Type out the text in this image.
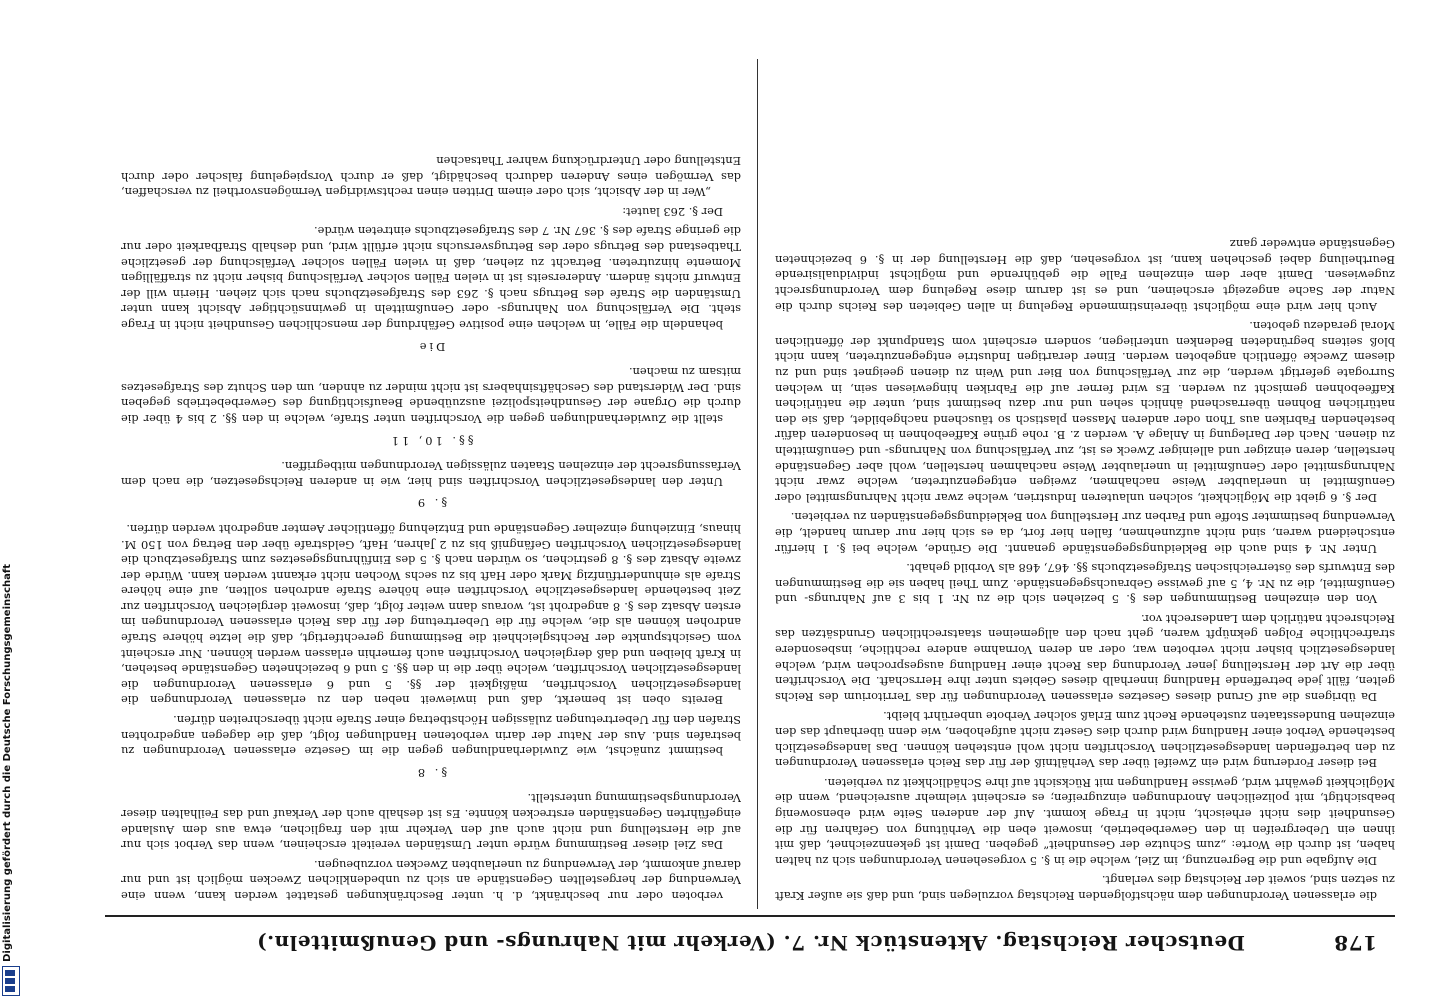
178
Deutscher Reichstag. Aktenstück Nr. 7. (Verkehr mit Nahrungs- und Genußmitteln.)

die erlassenen Verordnungen dem nächstfolgenden Reichstag vorzulegen sind, und daß sie außer Kraft zu setzen sind, soweit der Reichstag dies verlangt.

Die Aufgabe und die Begrenzung, im Ziel, welche die in §. 5 vorgesehenen Verordnungen sich zu halten haben, ist durch die Worte: „zum Schutze der Gesundheit“ gegeben. Damit ist gekennzeichnet, daß mit ihnen ein Uebergreifen in den Gewerbebetrieb, insoweit eben die Verhütung von Gefahren für die Gesundheit dies nicht erheischt, nicht in Frage kommt. Auf der anderen Seite wird ebensowenig beabsichtigt, mit polizeilichen Anordnungen einzugreifen; es erscheint vielmehr ausreichend, wenn die Möglichkeit gewährt wird, gewisse Handlungen mit Rücksicht auf ihre Schädlichkeit zu verbieten.

Bei dieser Forderung wird ein Zweifel über das Verhältniß der für das Reich erlassenen Verordnungen zu den betreffenden landesgesetzlichen Vorschriften nicht wohl entstehen können. Das landesgesetzlich bestehende Verbot einer Handlung wird durch dies Gesetz nicht aufgehoben, wie denn überhaupt das den einzelnen Bundesstaaten zustehende Recht zum Erlaß solcher Verbote unberührt bleibt.

Da übrigens die auf Grund dieses Gesetzes erlassenen Verordnungen für das Territorium des Reichs gelten, fällt jede betreffende Handlung innerhalb dieses Gebiets unter ihre Herrschaft. Die Vorschriften über die Art der Herstellung jener Verordnung das Recht einer Handlung ausgesprochen wird, welche landesgesetzlich bisher nicht verboten war, oder an deren Vornahme andere rechtliche, insbesondere strafrechtliche Folgen geknüpft waren, geht nach den allgemeinen staatsrechtlichen Grundsätzen das Reichsrecht natürlich dem Landesrecht vor.

Von den einzelnen Bestimmungen des §. 5 beziehen sich die zu Nr. 1 bis 3 auf Nahrungs- und Genußmittel, die zu Nr. 4, 5 auf gewisse Gebrauchsgegenstände. Zum Theil haben sie die Bestimmungen des Entwurfs des österreichischen Strafgesetzbuchs §§. 467, 468 als Vorbild gehabt.

Unter Nr. 4 sind auch die Bekleidungsgegenstände genannt. Die Gründe, welche bei §. 1 hierfür entscheidend waren, sind nicht aufzunehmen, fallen hier fort, da es sich hier nur darum handelt, die Verwendung bestimmter Stoffe und Farben zur Herstellung von Bekleidungsgegenständen zu verbieten.

Der §. 6 giebt die Möglichkeit, solchen unlauteren Industrien, welche zwar nicht Nahrungsmittel oder Genußmittel in unerlaubter Weise nachahmen, zweigen entgegenzutreten, welche zwar nicht Nahrungsmittel oder Genußmittel in unerlaubter Weise nachahmen herstellen, wohl aber Gegenstände herstellen, deren einziger und alleiniger Zweck es ist, zur Verfälschung von Nahrungs- und Genußmitteln zu dienen. Nach der Darlegung in Anlage A. werden z. B. rohe grüne Kaffeebohnen in besonderen dafür bestehenden Fabriken aus Thon oder anderen Massen plastisch so täuschend nachgebildet, daß sie den natürlichen Bohnen überraschend ähnlich sehen und nur dazu bestimmt sind, unter die natürlichen Kaffeebohnen gemischt zu werden. Es wird ferner auf die Fabriken hingewiesen sein, in welchen Surrogate gefertigt werden, die zur Verfälschung von Bier und Wein zu dienen geeignet sind und zu diesem Zwecke öffentlich angeboten werden. Einer derartigen Industrie entgegenzutreten, kann nicht bloß seitens begründeten Bedenken unterliegen, sondern erscheint vom Standpunkt der öffentlichen Moral geradezu geboten.

Auch hier wird eine möglichst übereinstimmende Regelung in allen Gebieten des Reichs durch die Natur der Sache angezeigt erscheinen, und es ist darum diese Regelung dem Verordnungsrecht zugewiesen. Damit aber dem einzelnen Falle die gebührende und möglichst individualisirende Beurtheilung dabei geschehen kann, ist vorgesehen, daß die Herstellung der in §. 6 bezeichneten Gegenstände entweder ganz

verboten oder nur beschränkt, d. h. unter Beschränkungen gestattet werden kann, wenn eine Verwendung der hergestellten Gegenstände an sich zu unbedenklichen Zwecken möglich ist und nur darauf ankommt, der Verwendung zu unerlaubten Zwecken vorzubeugen.

Das Ziel dieser Bestimmung würde unter Umständen vereitelt erscheinen, wenn das Verbot sich nur auf die Herstellung und nicht auch auf den Verkehr mit den fraglichen, etwa aus dem Auslande eingeführten Gegenständen erstrecken könnte. Es ist deshalb auch der Verkauf und das Feilhalten dieser Verordnungsbestimmung unterstellt.

§. 8

bestimmt zunächst, wie Zuwiderhandlungen gegen die im Gesetze erlassenen Verordnungen zu bestrafen sind. Aus der Natur der darin verbotenen Handlungen folgt, daß die dagegen angedrohten Strafen den für Uebertretungen zulässigen Höchstbetrag einer Strafe nicht überschreiten dürfen.

Bereits oben ist bemerkt, daß und inwieweit neben den zu erlassenen Verordnungen die landesgesetzlichen Vorschriften, mäßigkeit der §§. 5 und 6 erlassenen Verordnungen die landesgesetzlichen Vorschriften, welche über die in den §§. 5 und 6 bezeichneten Gegenstände bestehen, in Kraft bleiben und daß dergleichen Vorschriften auch fernerhin erlassen werden können. Nur erscheint vom Gesichtspunkte der Rechtsgleichheit die Bestimmung gerechtfertigt, daß die letzte höhere Strafe androhen können als die, welche für die Uebertretung der für das Reich erlassenen Verordnungen im ersten Absatz des §. 8 angedroht ist, woraus dann weiter folgt, daß, insoweit dergleichen Vorschriften zur Zeit bestehende landesgesetzliche Vorschriften eine höhere Strafe androhen sollten, auf eine höhere Strafe als einhundertfünfzig Mark oder Haft bis zu sechs Wochen nicht erkannt werden kann. Würde der zweite Absatz des §. 8 gestrichen, so würden nach §. 5 des Einführungsgesetzes zum Strafgesetzbuch die landesgesetzlichen Vorschriften Gefängniß bis zu 2 Jahren, Haft, Geldstrafe über den Betrag von 150 M. hinaus, Einziehung einzelner Gegenstände und Entziehung öffentlicher Aemter angedroht werden dürfen.

§. 9

Unter den landesgesetzlichen Vorschriften sind hier, wie in anderen Reichsgesetzen, die nach dem Verfassungsrecht der einzelnen Staaten zulässigen Verordnungen mitbegriffen.

§§. 10, 11

stellt die Zuwiderhandlungen gegen die Vorschriften unter Strafe, welche in den §§. 2 bis 4 über die durch die Organe der Gesundheitspolizei auszuübende Beaufsichtigung des Gewerbebetriebs gegeben sind. Der Widerstand des Geschäftsinhabers ist nicht minder zu ahnden, um den Schutz des Strafgesetzes mitsam zu machen.

Die

behandeln die Fälle, in welchen eine positive Gefährdung der menschlichen Gesundheit nicht in Frage steht. Die Verfälschung von Nahrungs- oder Genußmitteln in gewinnsüchtiger Absicht kann unter Umständen die Strafe des Betrugs nach §. 263 des Strafgesetzbuchs nach sich ziehen. Hierin will der Entwurf nichts ändern. Andererseits ist in vielen Fällen solcher Verfälschung bisher nicht zu straffälligen Momente hinzutreten. Betracht zu ziehen, daß in vielen Fällen solcher Verfälschung der gesetzliche Thatbestand des Betrugs oder des Betrugsversuchs nicht erfüllt wird, und deshalb Strafbarkeit oder nur die geringe Strafe des §. 367 Nr. 7 des Strafgesetzbuchs eintreten würde.

Der §. 263 lautet:

„Wer in der Absicht, sich oder einem Dritten einen rechtswidrigen Vermögensvortheil zu verschaffen, das Vermögen eines Anderen dadurch beschädigt, daß er durch Vorspiegelung falscher oder durch Entstellung oder Unterdrückung wahrer Thatsachen

Digitalisierung gefördert durch die Deutsche Forschungsgemeinschaft
